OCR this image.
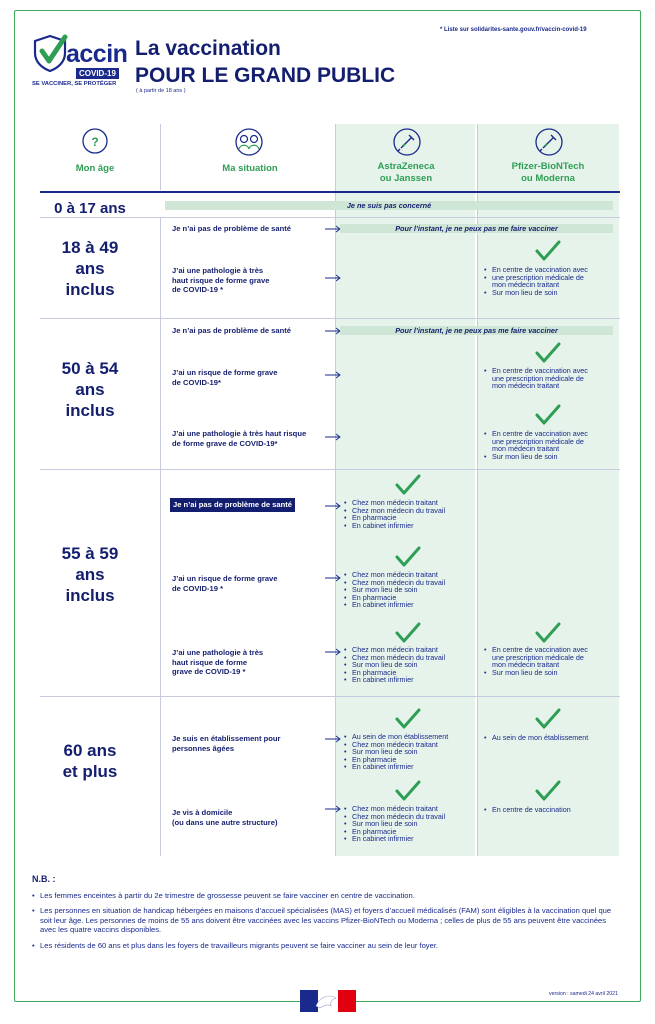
accin
COVID-19
SE VACCINER, SE PROTÉGER
La vaccination
POUR LE GRAND PUBLIC
( à partir de 18 ans )
* Liste sur solidarites-sante.gouv.fr/vaccin-covid-19
?
Mon âge	Ma situation	AstraZeneca
ou Janssen
Pfizer-BioNTech
ou Moderna
0 à 17 ans	Je ne suis pas concerné
18 à 49
ans
inclus
Je n’ai pas de problème de santé	Pour l’instant, je ne peux pas me faire vacciner
J’ai une pathologie à très
haut risque de forme grave
de COVID-19 *
• En centre de vaccination avec
• une prescription médicale de
mon médecin traitant
• Sur mon lieu de soin
50 à 54
ans
inclus
Je n’ai pas de problème de santé	Pour l’instant, je ne peux pas me faire vacciner
J’ai un risque de forme grave
de COVID-19*
• En centre de vaccination avec
une prescription médicale de
mon médecin traitant
J’ai une pathologie à très haut risque
de forme grave de COVID-19*
• En centre de vaccination avec
une prescription médicale de
mon médecin traitant
• Sur mon lieu de soin
55 à 59
ans
inclus
Je n’ai pas de problème de santé
•	Chez mon médecin traitant
• Chez mon médecin du travail
• En pharmacie
• En cabinet infirmier
J’ai un risque de forme grave
de COVID-19 *
• Chez mon médecin traitant
• Chez mon médecin du travail
• Sur mon lieu de soin
• En pharmacie
• En cabinet infirmier
J’ai une pathologie à très
haut risque de forme
grave de COVID-19 *
• Chez mon médecin traitant
• Chez mon médecin du travail
• Sur mon lieu de soin
• En pharmacie
• En cabinet infirmier
• En centre de vaccination avec
une prescription médicale de
mon médecin traitant
• Sur mon lieu de soin
60 ans
et plus
Je suis en établissement pour
personnes âgées
• Au sein de mon établissement
• Chez mon médecin traitant
• Sur mon lieu de soin
• En pharmacie
• En cabinet infirmier
• Au sein de mon établissement
Je vis à domicile
(ou dans une autre structure)
• Chez mon médecin traitant
• Chez mon médecin du travail
• Sur mon lieu de soin
• En pharmacie
• En cabinet infirmier
• En centre de vaccination
N.B. :
• Les femmes enceintes à partir du 2e trimestre de grossesse peuvent se faire vacciner en centre de vaccination.
• Les personnes en situation de handicap hébergées en maisons d’accueil spécialisées (MAS) et foyers d’accueil médicalisés (FAM) sont éligibles à la vaccination quel que soit leur âge. Les personnes de moins de 55 ans doivent être vaccinées avec les vaccins Pfizer-BioNTech ou Moderna ; celles de plus de 55 ans peuvent être vaccinées avec les quatre vaccins disponibles.
• Les résidents de 60 ans et plus dans les foyers de travailleurs migrants peuvent se faire vacciner au sein de leur foyer.
version : samedi 24 avril 2021
